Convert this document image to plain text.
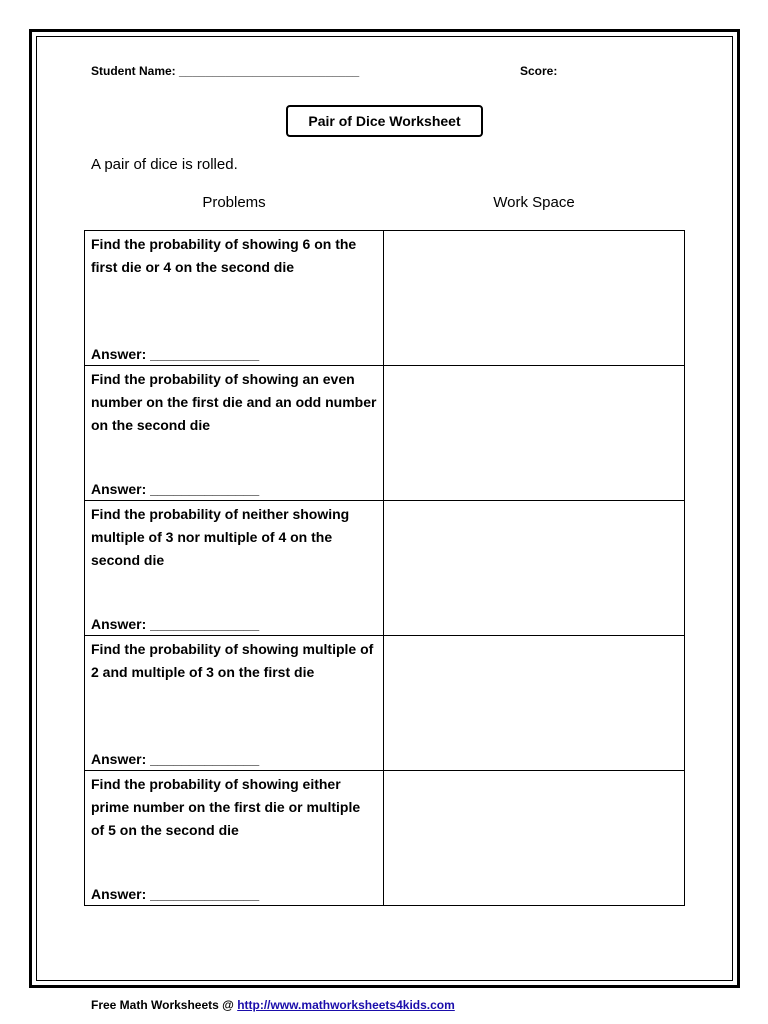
Student Name: ___________________________	Score:
Pair of Dice Worksheet
A pair of dice is rolled.
Problems	Work Space
Find the probability of showing 6 on the first die or 4 on the second die
Answer: ______________	

Find the probability of showing an even number on the first die and an odd number on the second die
Answer: ______________	

Find the probability of neither showing multiple of 3 nor multiple of 4 on the second die
Answer: ______________	

Find the probability of showing multiple of 2 and multiple of 3 on the first die
Answer: ______________	

Find the probability of showing either prime number on the first die or multiple of 5 on the second die
Answer: ______________	

Free Math Worksheets @ http://www.mathworksheets4kids.com
